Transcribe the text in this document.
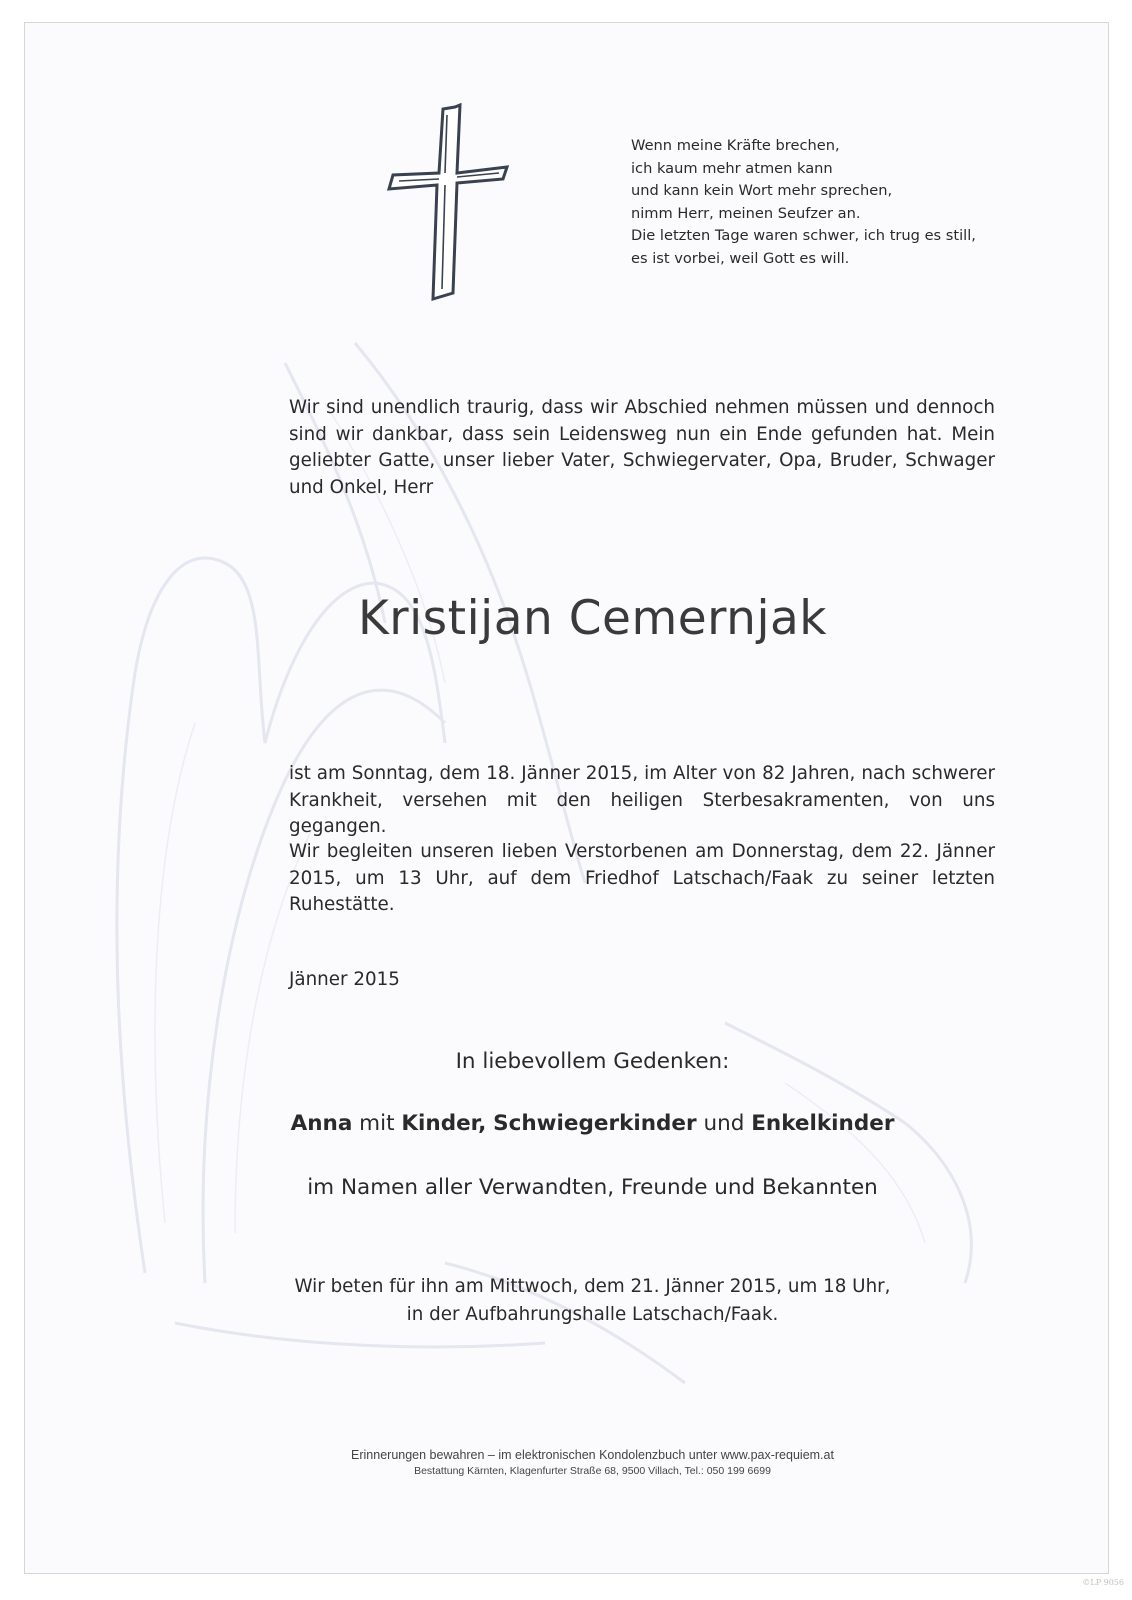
Wenn meine Kräfte brechen,
ich kaum mehr atmen kann
und kann kein Wort mehr sprechen,
nimm Herr, meinen Seufzer an.
Die letzten Tage waren schwer, ich trug es still,
es ist vorbei, weil Gott es will.
Wir sind unendlich traurig, dass wir Abschied nehmen müssen und dennoch sind wir dankbar, dass sein Leidensweg nun ein Ende gefunden hat. Mein geliebter Gatte, unser lieber Vater, Schwiegervater, Opa, Bruder, Schwager und Onkel, Herr
Kristijan Cemernjak
ist am Sonntag, dem 18. Jänner 2015, im Alter von 82 Jahren, nach schwerer Krankheit, versehen mit den heiligen Sterbesakramenten, von uns gegangen.
Wir begleiten unseren lieben Verstorbenen am Donnerstag, dem 22. Jänner 2015, um 13 Uhr, auf dem Friedhof Latschach/Faak zu seiner letzten Ruhestätte.
Jänner 2015
In liebevollem Gedenken:
Anna mit Kinder, Schwiegerkinder und Enkelkinder
im Namen aller Verwandten, Freunde und Bekannten
Wir beten für ihn am Mittwoch, dem 21. Jänner 2015, um 18 Uhr,
in der Aufbahrungshalle Latschach/Faak.
Erinnerungen bewahren – im elektronischen Kondolenzbuch unter www.pax-requiem.at
Bestattung Kärnten, Klagenfurter Straße 68, 9500 Villach, Tel.: 050 199 6699
©LP 9056
